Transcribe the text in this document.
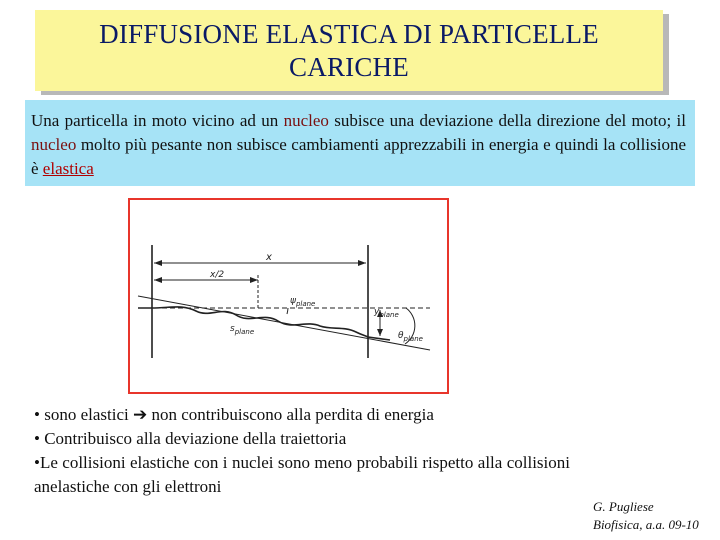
DIFFUSIONE ELASTICA DI PARTICELLE
CARICHE
Una particella in moto vicino ad un nucleo subisce una deviazione della direzione del moto; il nucleo molto più pesante non subisce cambiamenti apprezzabili in energia e quindi la collisione è elastica
x
x/2
$\psi_{plane}$
$s_{plane}$
$y_{plane}$
$\theta_{plane}$

• sono elastici ➔ non contribuiscono alla perdita di energia

• Contribuisco alla deviazione della traiettoria

•Le collisioni elastiche con i nuclei sono meno probabili rispetto alla collisioni anelastiche con gli elettroni

G. Pugliese
Biofisica, a.a. 09-10
